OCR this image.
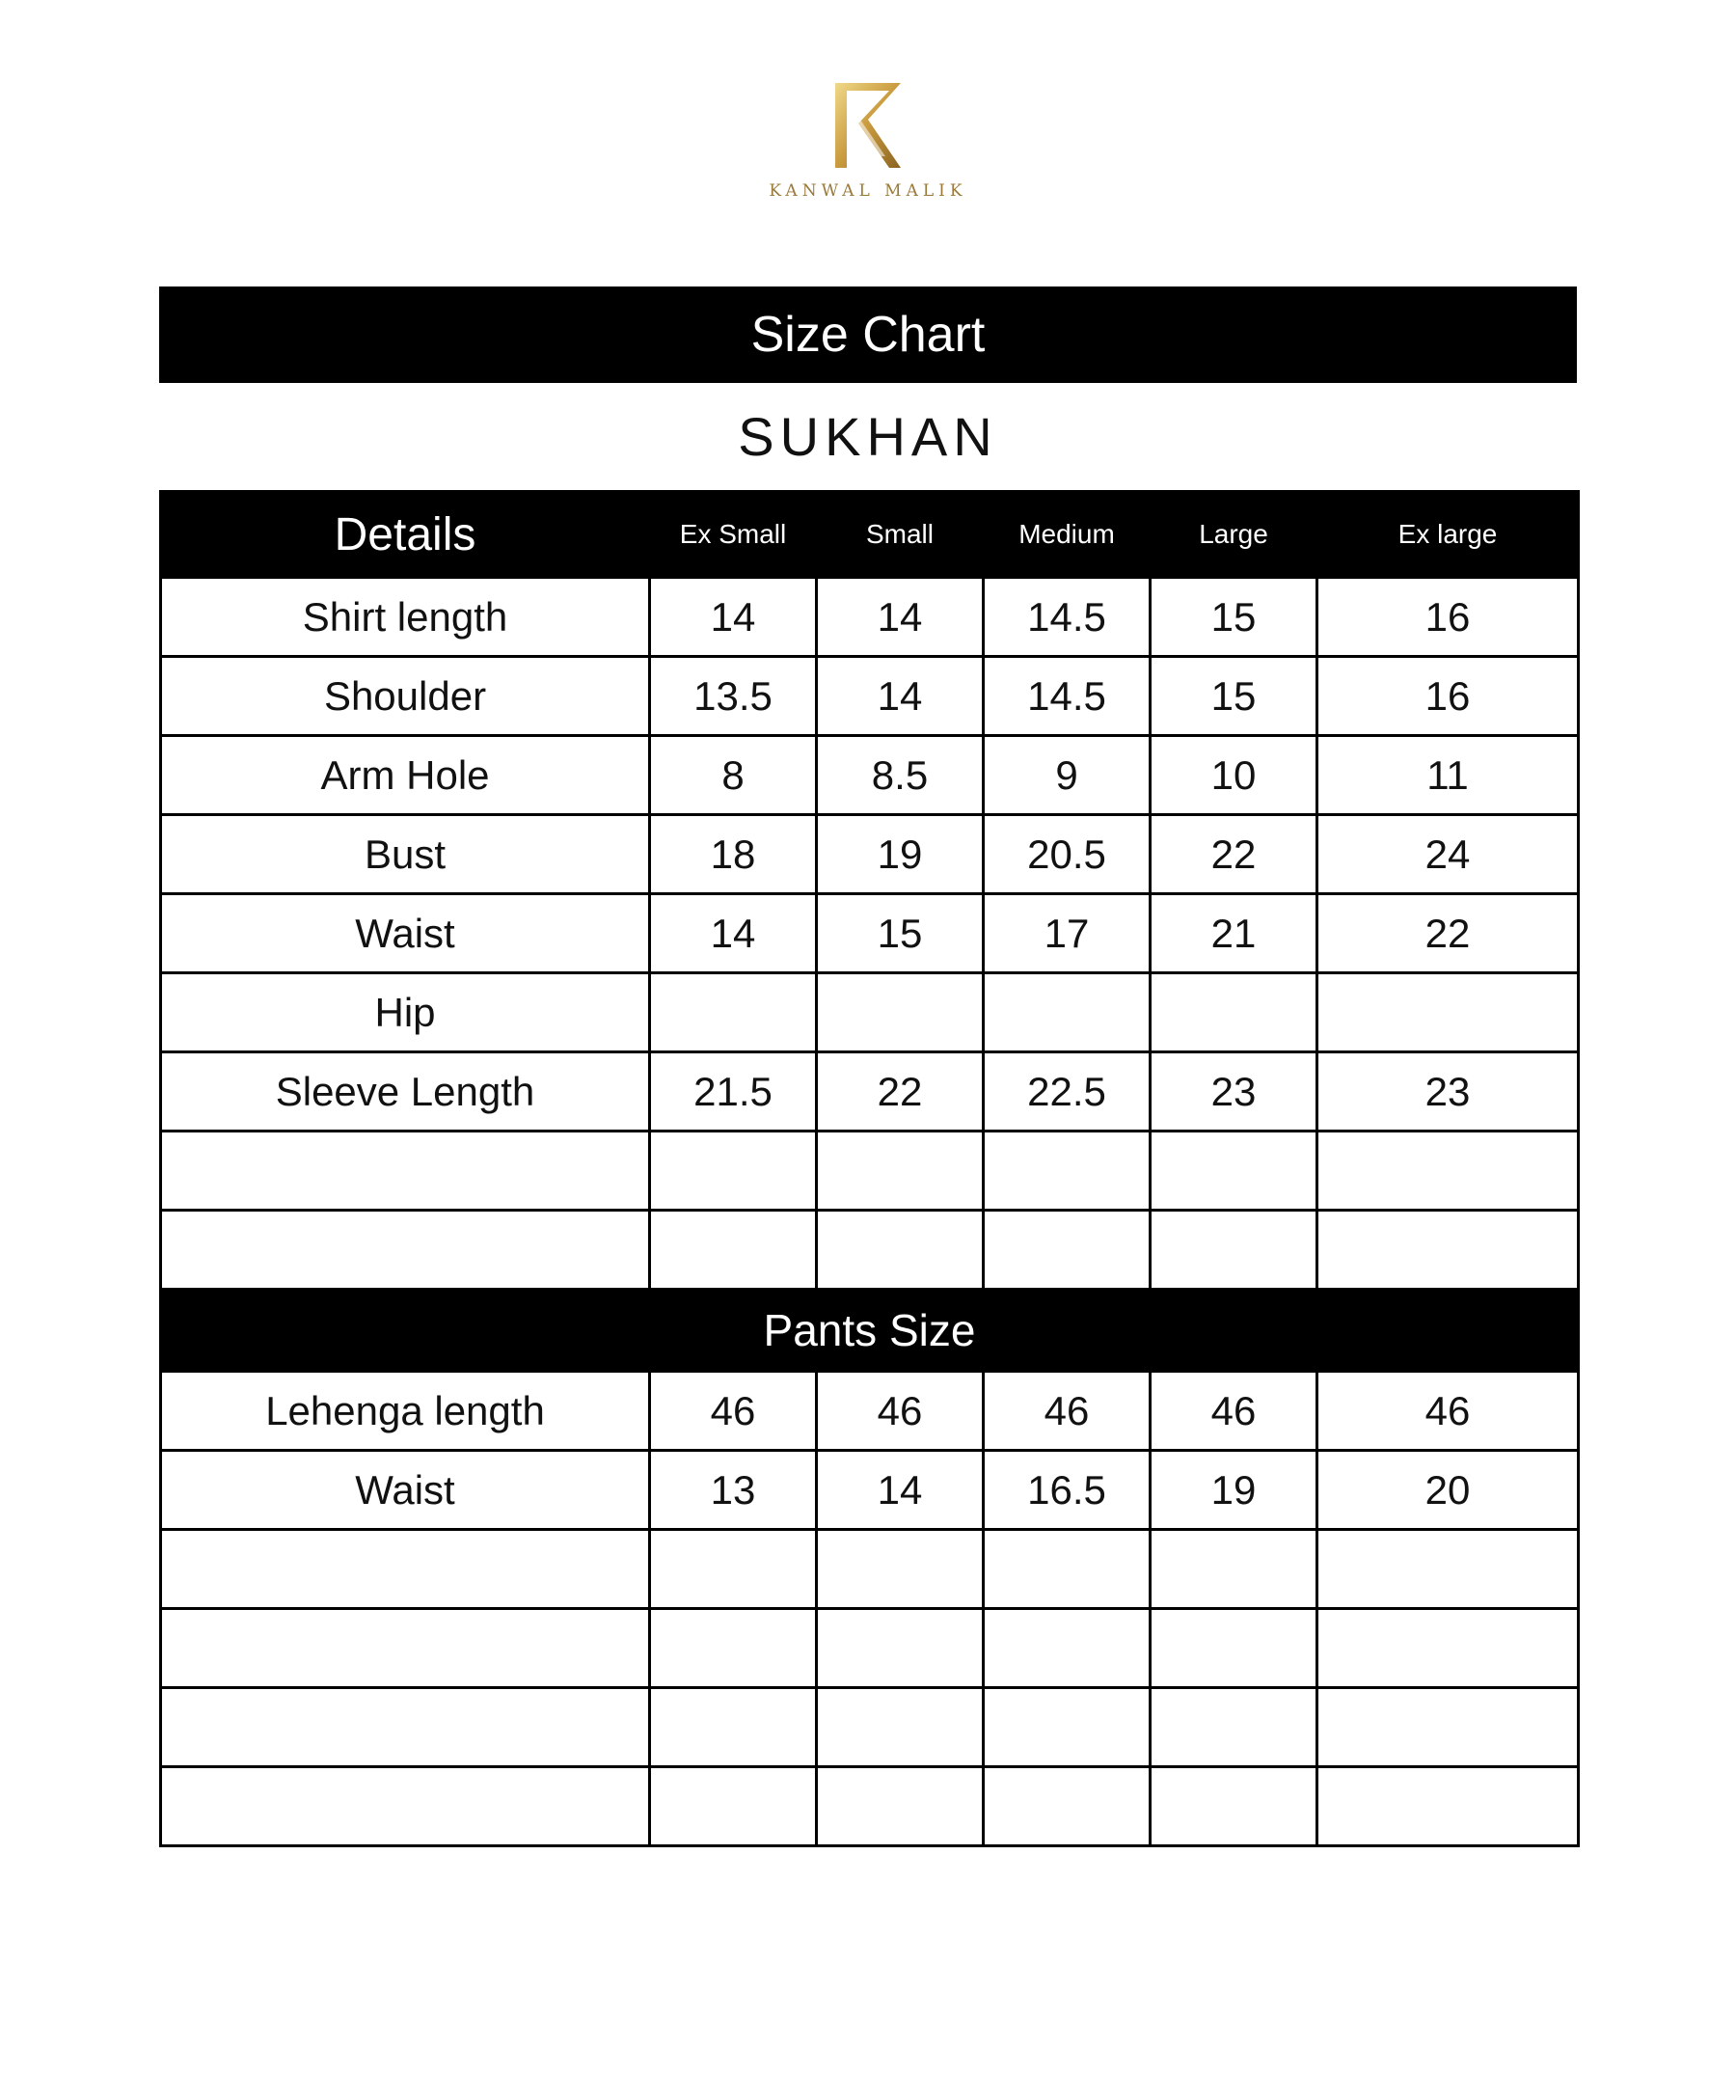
KANWAL MALIK
Size Chart
SUKHAN
Details	Ex Small	Small	Medium	Large	Ex large
Shirt length	14	14	14.5	15	16
Shoulder	13.5	14	14.5	15	16
Arm Hole	8	8.5	9	10	11
Bust	18	19	20.5	22	24
Waist	14	15	17	21	22
Hip					
Sleeve Length	21.5	22	22.5	23	23

Pants Size					
Lehenga length	46	46	46	46	46
Waist	13	14	16.5	19	20
